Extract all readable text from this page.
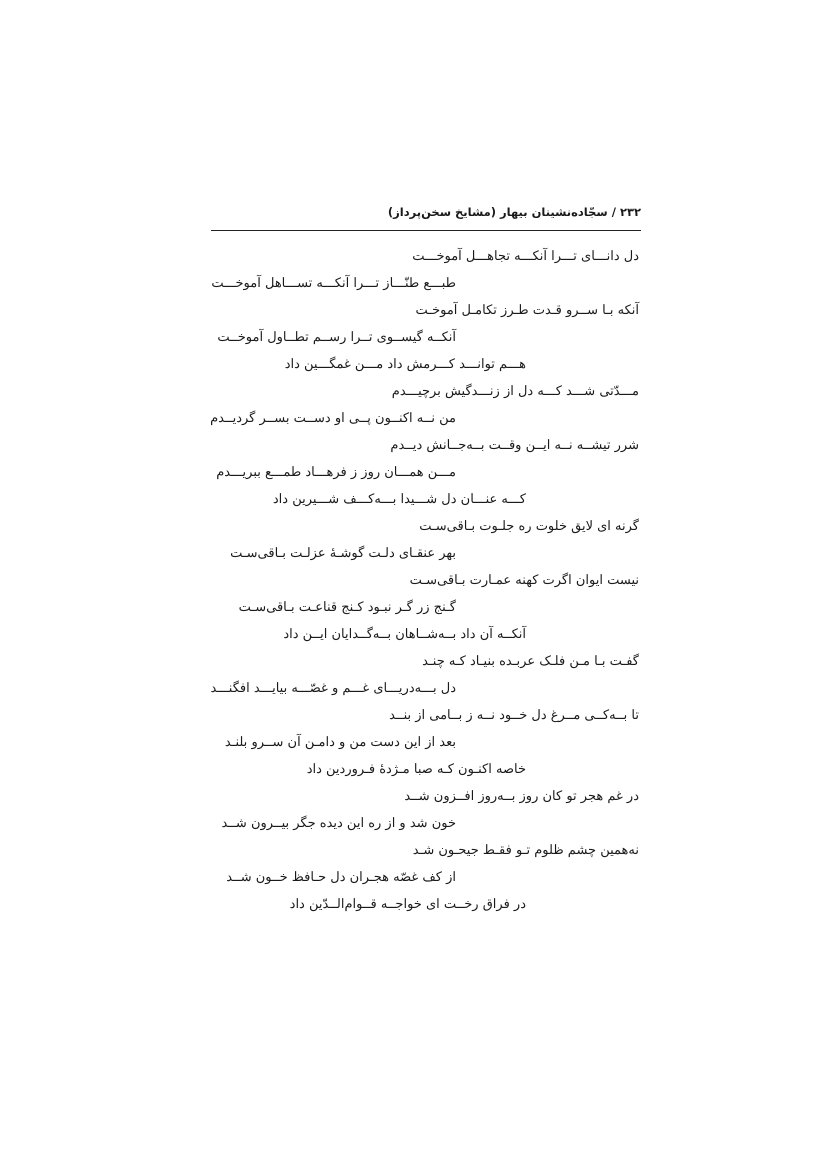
۲۳۲ / سجّاده‌نشینان بیهار (مشایخ سخن‌پرداز)
دل دانـــای تـــرا آنکـــه تجاهـــل آموخـــت
طبـــع طنّـــاز تـــرا آنکـــه تســـاهل آموخـــت
آنکه بـا ســرو قـدت طـرز تکامـل آموخـت
آنکــه گیســوی تــرا رســم تطــاول آموخــت
هـــم توانـــد کـــرمش داد مـــن غمگـــین داد
مـــدّتی شـــد کـــه دل از زنـــدگیش برچیـــدم
من نــه اکنــون پــی او دســت بســر گردیــدم
شرر تیشــه نــه ایــن وقــت بــه‌جــانش دیــدم
مـــن همـــان روز ز فرهـــاد طمـــع ببریـــدم
کـــه عنـــان دل شـــیدا بـــه‌کـــف شـــیرین داد
گرنه ای لایق خلوت ره جلـوت بـاقی‌سـت
بهر عنقـای دلـت گوشـهٔ عزلـت بـاقی‌سـت
نیست ایوان اگرت کهنه عمـارت بـاقی‌سـت
گـنج زر گـر نبـود کـنج قناعـت بـاقی‌سـت
آنکــه آن داد بــه‌شــاهان بــه‌گــدایان ایــن داد
گفـت بـا مـن فلـک عربـده بنیـاد کـه چنـد
دل بـــه‌دریـــای غـــم و غصّـــه بیایـــد افگنـــد
تا بــه‌کــی مــرغ دل خــود نــه ز بــامی از بنــد
بعد از این دست من و دامـن آن ســرو بلنـد
خاصه اکنـون کـه صبا مـژدهٔ فـروردین داد
در غم هجر تو کان روز بــه‌روز افــزون شــد
خون شد و از ره این دیده جگر بیــرون شــد
نه‌همین چشم ظلوم تـو فقـط جیحـون شـد
از کف غصّه هجـران دل حـافظ خــون شــد
در فراق رخــت ای خواجــه قــوام‌الــدّین داد
